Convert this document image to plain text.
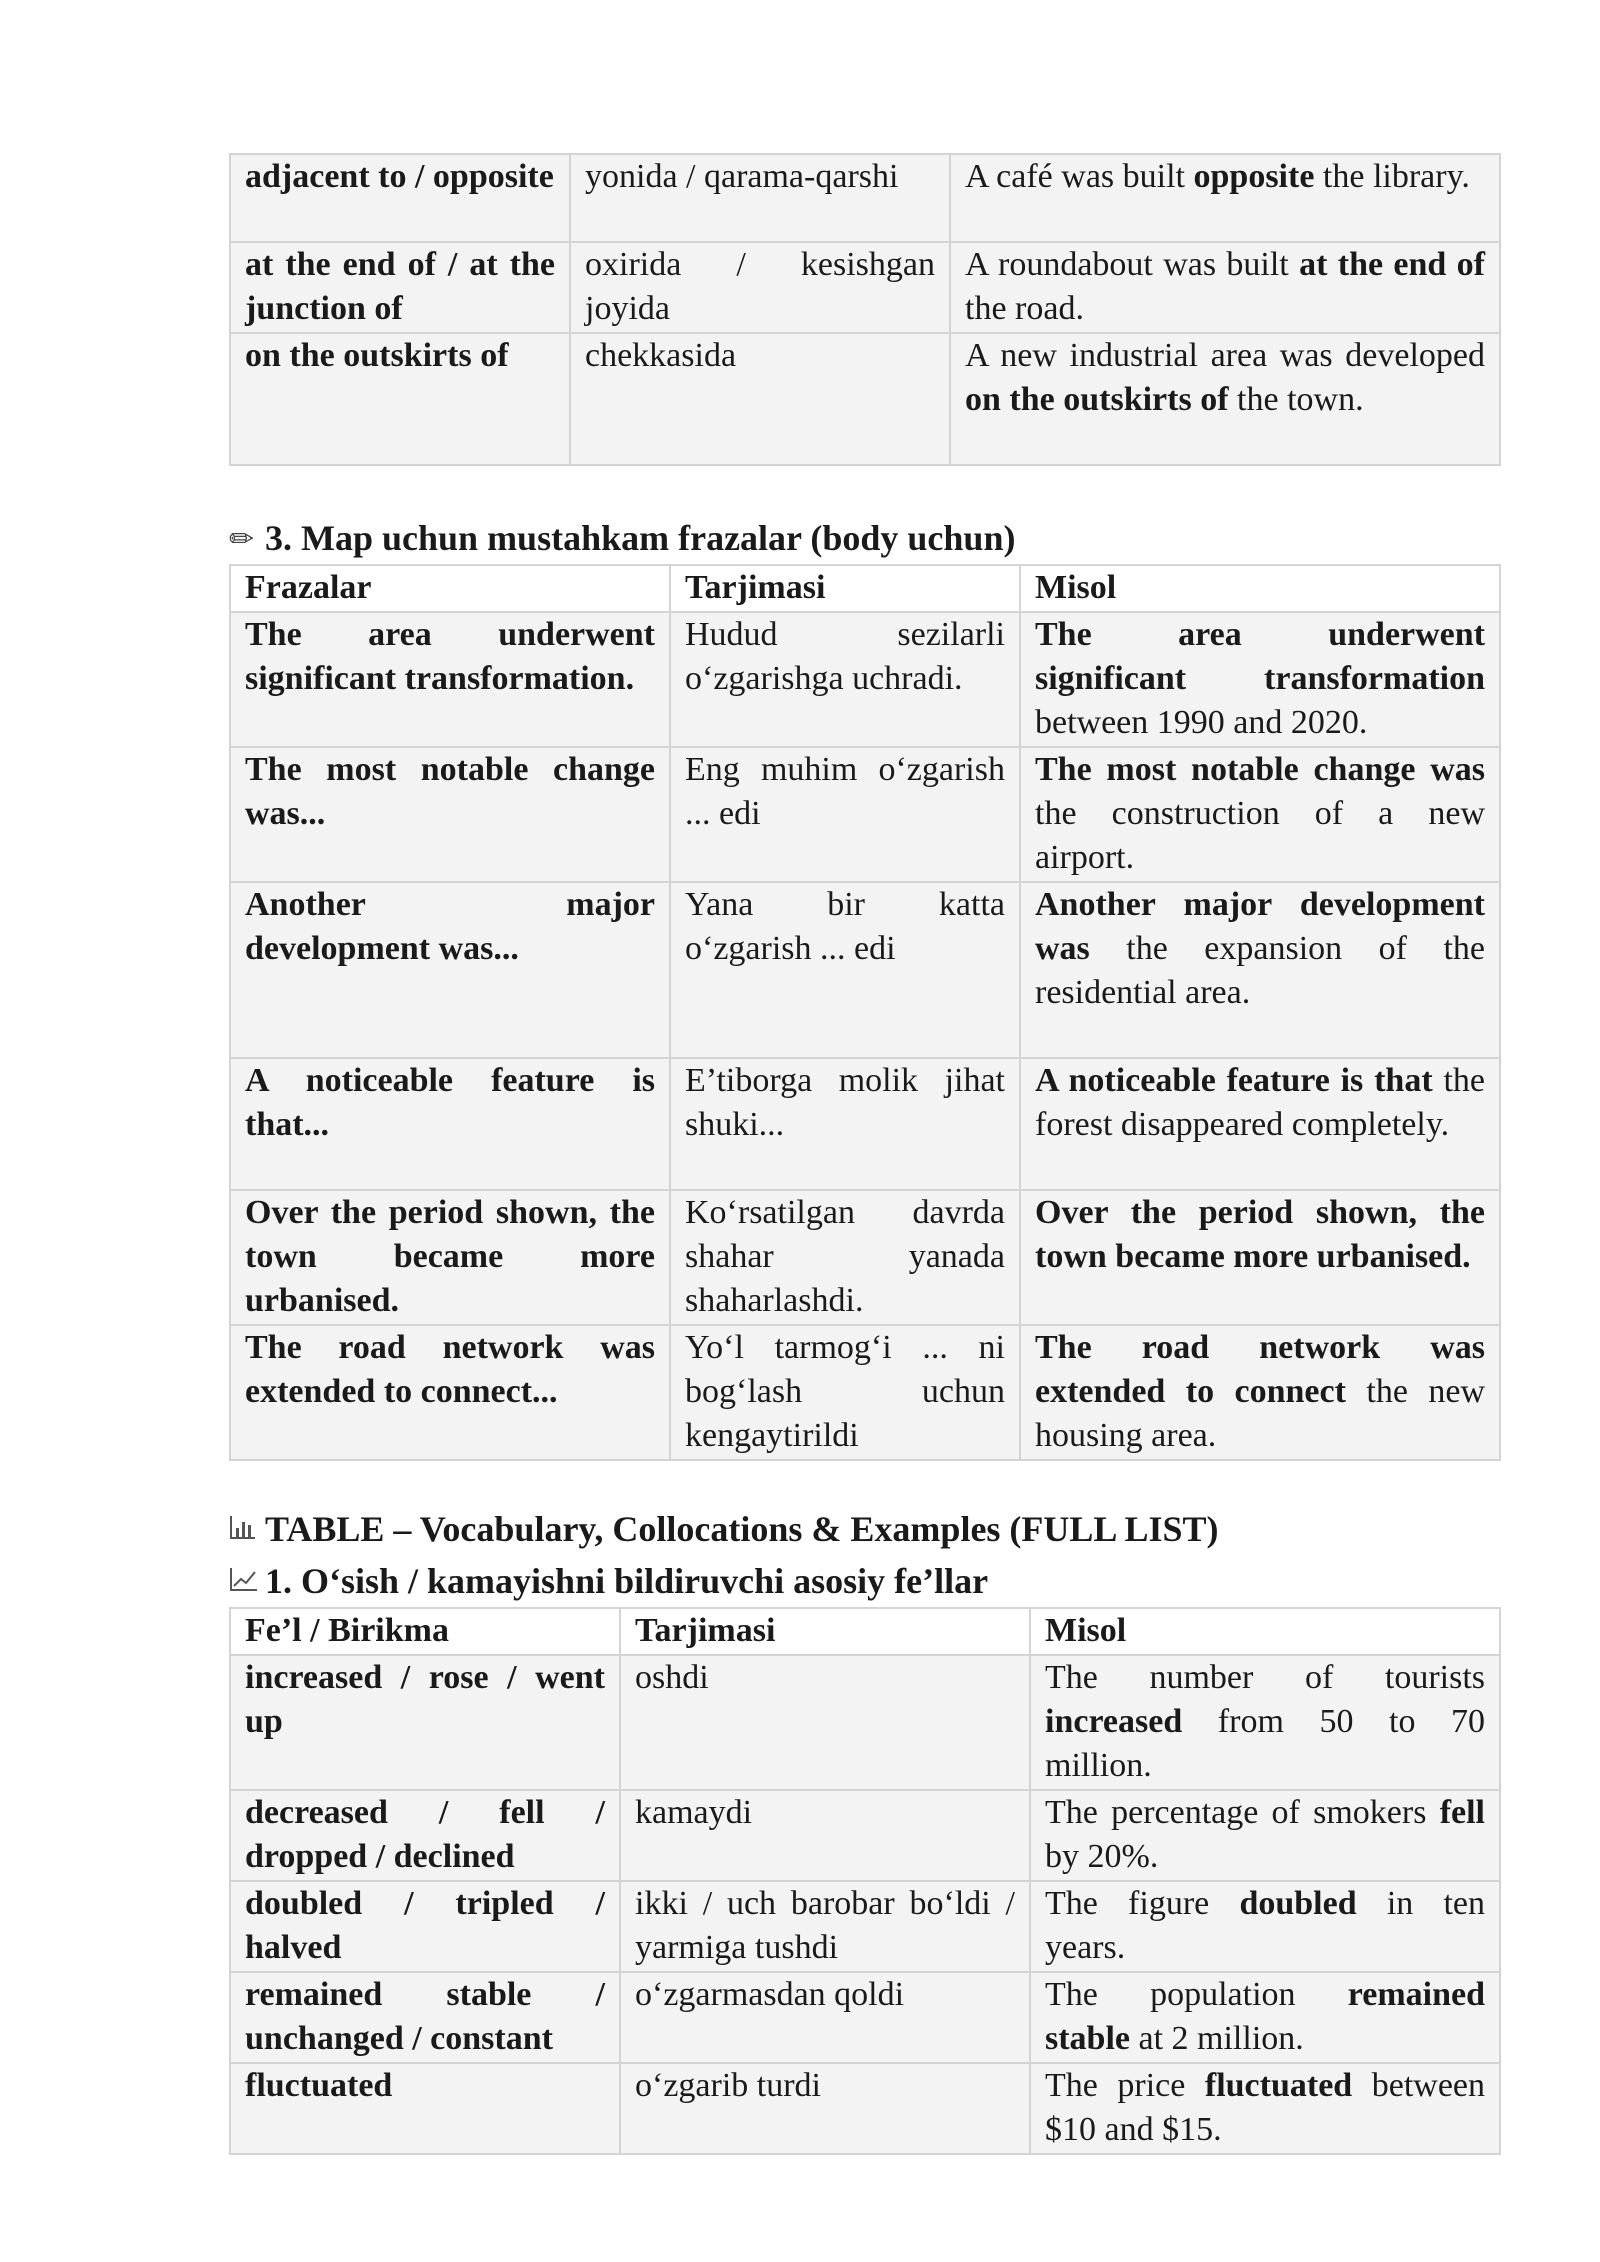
adjacent to / opposite	yonida / qarama-qarshi	A café was built opposite the library.
at the end of / at the junction of	oxirida / kesishgan joyida	A roundabout was built at the end of the road.
on the outskirts of	chekkasida	A new industrial area was developed on the outskirts of the town.
✏ 3. Map uchun mustahkam frazalar (body uchun)
Frazalar	Tarjimasi	Misol
The area underwent significant transformation.	Hudud sezilarli o‘zgarishga uchradi.	The area underwent significant transformation between 1990 and 2020.
The most notable change was...	Eng muhim o‘zgarish ... edi	The most notable change was the construction of a new airport.
Another major development was...	Yana bir katta o‘zgarish ... edi	Another major development was the expansion of the residential area.
A noticeable feature is that...	E’tiborga molik jihat shuki...	A noticeable feature is that the forest disappeared completely.
Over the period shown, the town became more urbanised.	Ko‘rsatilgan davrda shahar yanada shaharlashdi.	Over the period shown, the town became more urbanised.
The road network was extended to connect...	Yo‘l tarmog‘i ... ni bog‘lash uchun kengaytirildi	The road network was extended to connect the new housing area.
TABLE – Vocabulary, Collocations & Examples (FULL LIST)
1. O‘sish / kamayishni bildiruvchi asosiy fe’llar
Fe’l / Birikma	Tarjimasi	Misol
increased / rose / went up	oshdi	The number of tourists increased from 50 to 70 million.
decreased / fell / dropped / declined	kamaydi	The percentage of smokers fell by 20%.
doubled / tripled / halved	ikki / uch barobar bo‘ldi / yarmiga tushdi	The figure doubled in ten years.
remained stable / unchanged / constant	o‘zgarmasdan qoldi	The population remained stable at 2 million.
fluctuated	o‘zgarib turdi	The price fluctuated between $10 and $15.
